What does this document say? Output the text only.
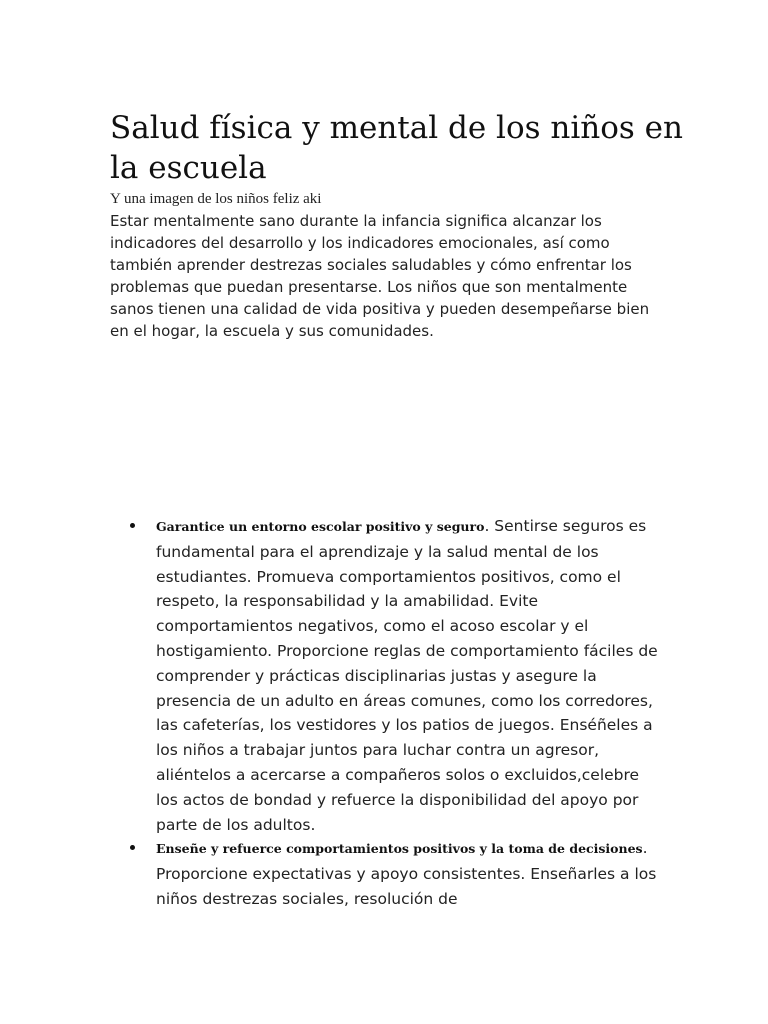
Salud física y mental de los niños en la escuela
Y una imagen de los niños feliz aki

Estar mentalmente sano durante la infancia significa alcanzar los indicadores del desarrollo y los indicadores emocionales, así como también aprender destrezas sociales saludables y cómo enfrentar los problemas que puedan presentarse. Los niños que son mentalmente sanos tienen una calidad de vida positiva y pueden desempeñarse bien en el hogar, la escuela y sus comunidades.

Garantice un entorno escolar positivo y seguro. Sentirse seguros es fundamental para el aprendizaje y la salud mental de los estudiantes. Promueva comportamientos positivos, como el respeto, la responsabilidad y la amabilidad. Evite comportamientos negativos, como el acoso escolar y el hostigamiento. Proporcione reglas de comportamiento fáciles de comprender y prácticas disciplinarias justas y asegure la presencia de un adulto en áreas comunes, como los corredores, las cafeterías, los vestidores y los patios de juegos. Enséñeles a los niños a trabajar juntos para luchar contra un agresor, aliéntelos a acercarse a compañeros solos o excluidos,celebre los actos de bondad y refuerce la disponibilidad del apoyo por parte de los adultos.

Enseñe y refuerce comportamientos positivos y la toma de decisiones. Proporcione expectativas y apoyo consistentes. Enseñarles a los niños destrezas sociales, resolución de
